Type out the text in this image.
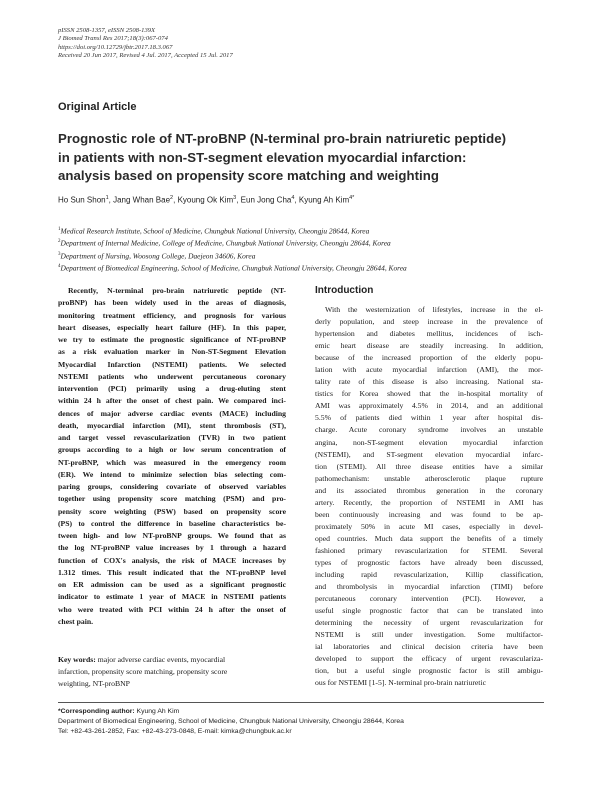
pISSN 2508-1357, eISSN 2508-139X
J Biomed Transl Res 2017;18(3):067-074
https://doi.org/10.12729/jbtr.2017.18.3.067
Received 20 Jun 2017, Revised 4 Jul. 2017, Accepted 15 Jul. 2017
Original Article
Prognostic role of NT-proBNP (N-terminal pro-brain natriuretic peptide)
in patients with non-ST-segment elevation myocardial infarction:
analysis based on propensity score matching and weighting
Ho Sun Shon$^1$, Jang Whan Bae$^2$, Kyoung Ok Kim$^3$, Eun Jong Cha$^4$, Kyung Ah Kim$^{4*}$
$^1$Medical Research Institute, School of Medicine, Chungbuk National University, Cheongju 28644, Korea
$^2$Department of Internal Medicine, College of Medicine, Chungbuk National University, Cheongju 28644, Korea
$^3$Department of Nursing, Woosong College, Daejeon 34606, Korea
$^4$Department of Biomedical Engineering, School of Medicine, Chungbuk National University, Cheongju 28644, Korea
Recently, N-terminal pro-brain natriuretic peptide (NT-
proBNP) has been widely used in the areas of diagnosis,
monitoring treatment efficiency, and prognosis for various
heart diseases, especially heart failure (HF). In this paper,
we try to estimate the prognostic significance of NT-proBNP
as a risk evaluation marker in Non-ST-Segment Elevation
Myocardial Infarction (NSTEMI) patients. We selected
NSTEMI patients who underwent percutaneous coronary
intervention (PCI) primarily using a drug-eluting stent
within 24 h after the onset of chest pain. We compared inci-
dences of major adverse cardiac events (MACE) including
death, myocardial infarction (MI), stent thrombosis (ST),
and target vessel revascularization (TVR) in two patient
groups according to a high or low serum concentration of
NT-proBNP, which was measured in the emergency room
(ER). We intend to minimize selection bias selecting com-
paring groups, considering covariate of observed variables
together using propensity score matching (PSM) and pro-
pensity score weighting (PSW) based on propensity score
(PS) to control the difference in baseline characteristics be-
tween high- and low NT-proBNP groups. We found that as
the log NT-proBNP value increases by 1 through a hazard
function of COX's analysis, the risk of MACE increases by
1.312 times. This result indicated that the NT-proBNP level
on ER admission can be used as a significant prognostic
indicator to estimate 1 year of MACE in NSTEMI patients
who were treated with PCI within 24 h after the onset of
chest pain.
Key words: major adverse cardiac events, myocardial
infarction, propensity score matching, propensity score
weighting, NT-proBNP
Introduction
With the westernization of lifestyles, increase in the el-
derly population, and steep increase in the prevalence of
hypertension and diabetes mellitus, incidences of isch-
emic heart disease are steadily increasing. In addition,
because of the increased proportion of the elderly popu-
lation with acute myocardial infarction (AMI), the mor-
tality rate of this disease is also increasing. National sta-
tistics for Korea showed that the in-hospital mortality of
AMI was approximately 4.5% in 2014, and an additional
5.5% of patients died within 1 year after hospital dis-
charge. Acute coronary syndrome involves an unstable
angina, non-ST-segment elevation myocardial infarction
(NSTEMI), and ST-segment elevation myocardial infarc-
tion (STEMI). All three disease entities have a similar
pathomechanism: unstable atherosclerotic plaque rupture
and its associated thrombus generation in the coronary
artery. Recently, the proportion of NSTEMI in AMI has
been continuously increasing and was found to be ap-
proximately 50% in acute MI cases, especially in devel-
oped countries. Much data support the benefits of a timely
fashioned primary revascularization for STEMI. Several
types of prognostic factors have already been discussed,
including rapid revascularization, Killip classification,
and thrombolysis in myocardial infarction (TIMI) before
percutaneous coronary intervention (PCI). However, a
useful single prognostic factor that can be translated into
determining the necessity of urgent revascularization for
NSTEMI is still under investigation. Some multifactor-
ial laboratories and clinical decision criteria have been
developed to support the efficacy of urgent revasculariza-
tion, but a useful single prognostic factor is still ambigu-
ous for NSTEMI [1-5]. N-terminal pro-brain natriuretic
*Corresponding author: Kyung Ah Kim
Department of Biomedical Engineering, School of Medicine, Chungbuk National University, Cheongju 28644, Korea
Tel: +82-43-261-2852, Fax: +82-43-273-0848, E-mail: kimka@chungbuk.ac.kr
